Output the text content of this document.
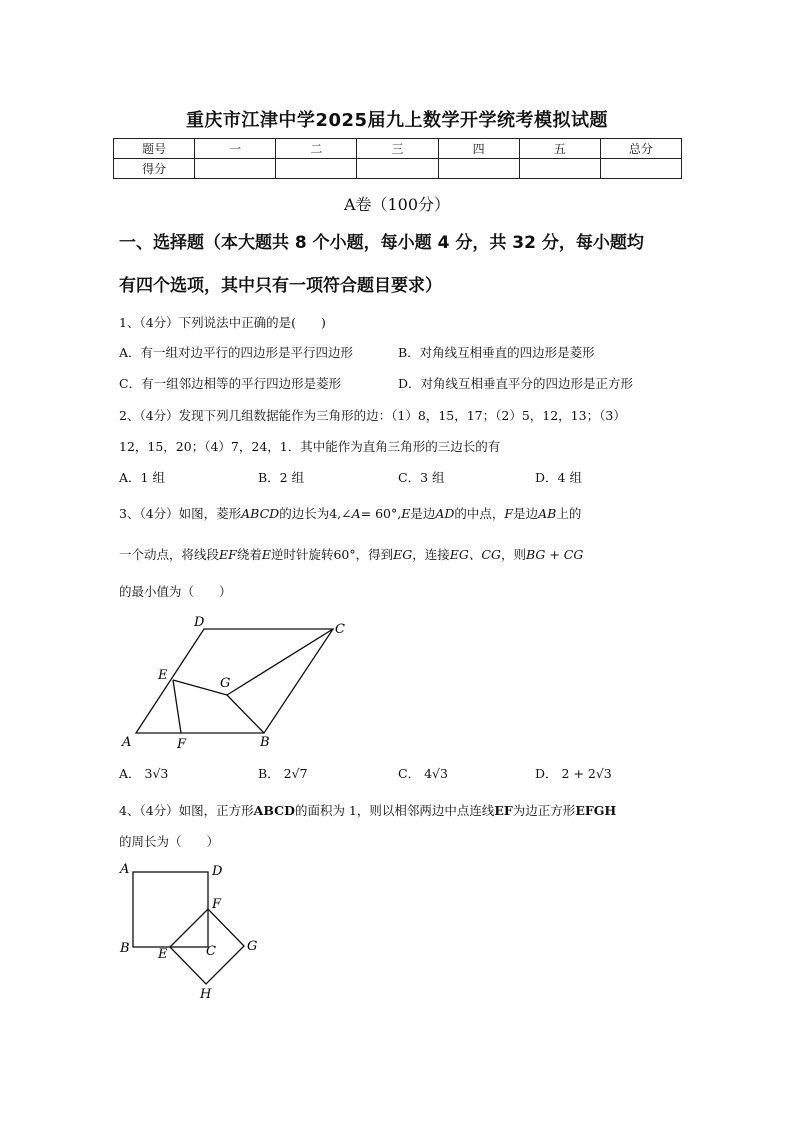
重庆市江津中学2025届九上数学开学统考模拟试题
题号	一	二	三	四	五	总分
得分						
A卷（100分）
一、选择题（本大题共 8 个小题，每小题 4 分，共 32 分，每小题均
有四个选项，其中只有一项符合题目要求）
1、（4分）下列说法中正确的是(　　)
A．有一组对边平行的四边形是平行四边形	B．对角线互相垂直的四边形是菱形
C．有一组邻边相等的平行四边形是菱形	D．对角线互相垂直平分的四边形是正方形
2、（4分）发现下列几组数据能作为三角形的边：（1）8，15，17；（2）5，12，13；（3）
12，15，20；（4）7，24，1．其中能作为直角三角形的三边长的有
A．1 组	B．2 组	C．3 组	D．4 组
3、（4分）如图，菱形ABCD的边长为4,∠A= 60°,E是边AD的中点，F是边AB上的
一个动点，将线段EF绕着E逆时针旋转60°，得到EG，连接EG、CG，则BG + CG
的最小值为（　　）
A	B
C
D
E
F
G
A． 3√3	B． 2√7	C． 4√3	D． 2 + 2√3
4、（4分）如图，正方形ABCD的面积为 1，则以相邻两边中点连线EF为边正方形EFGH
的周长为（　　）
A	D
B E	C
F
G
H
